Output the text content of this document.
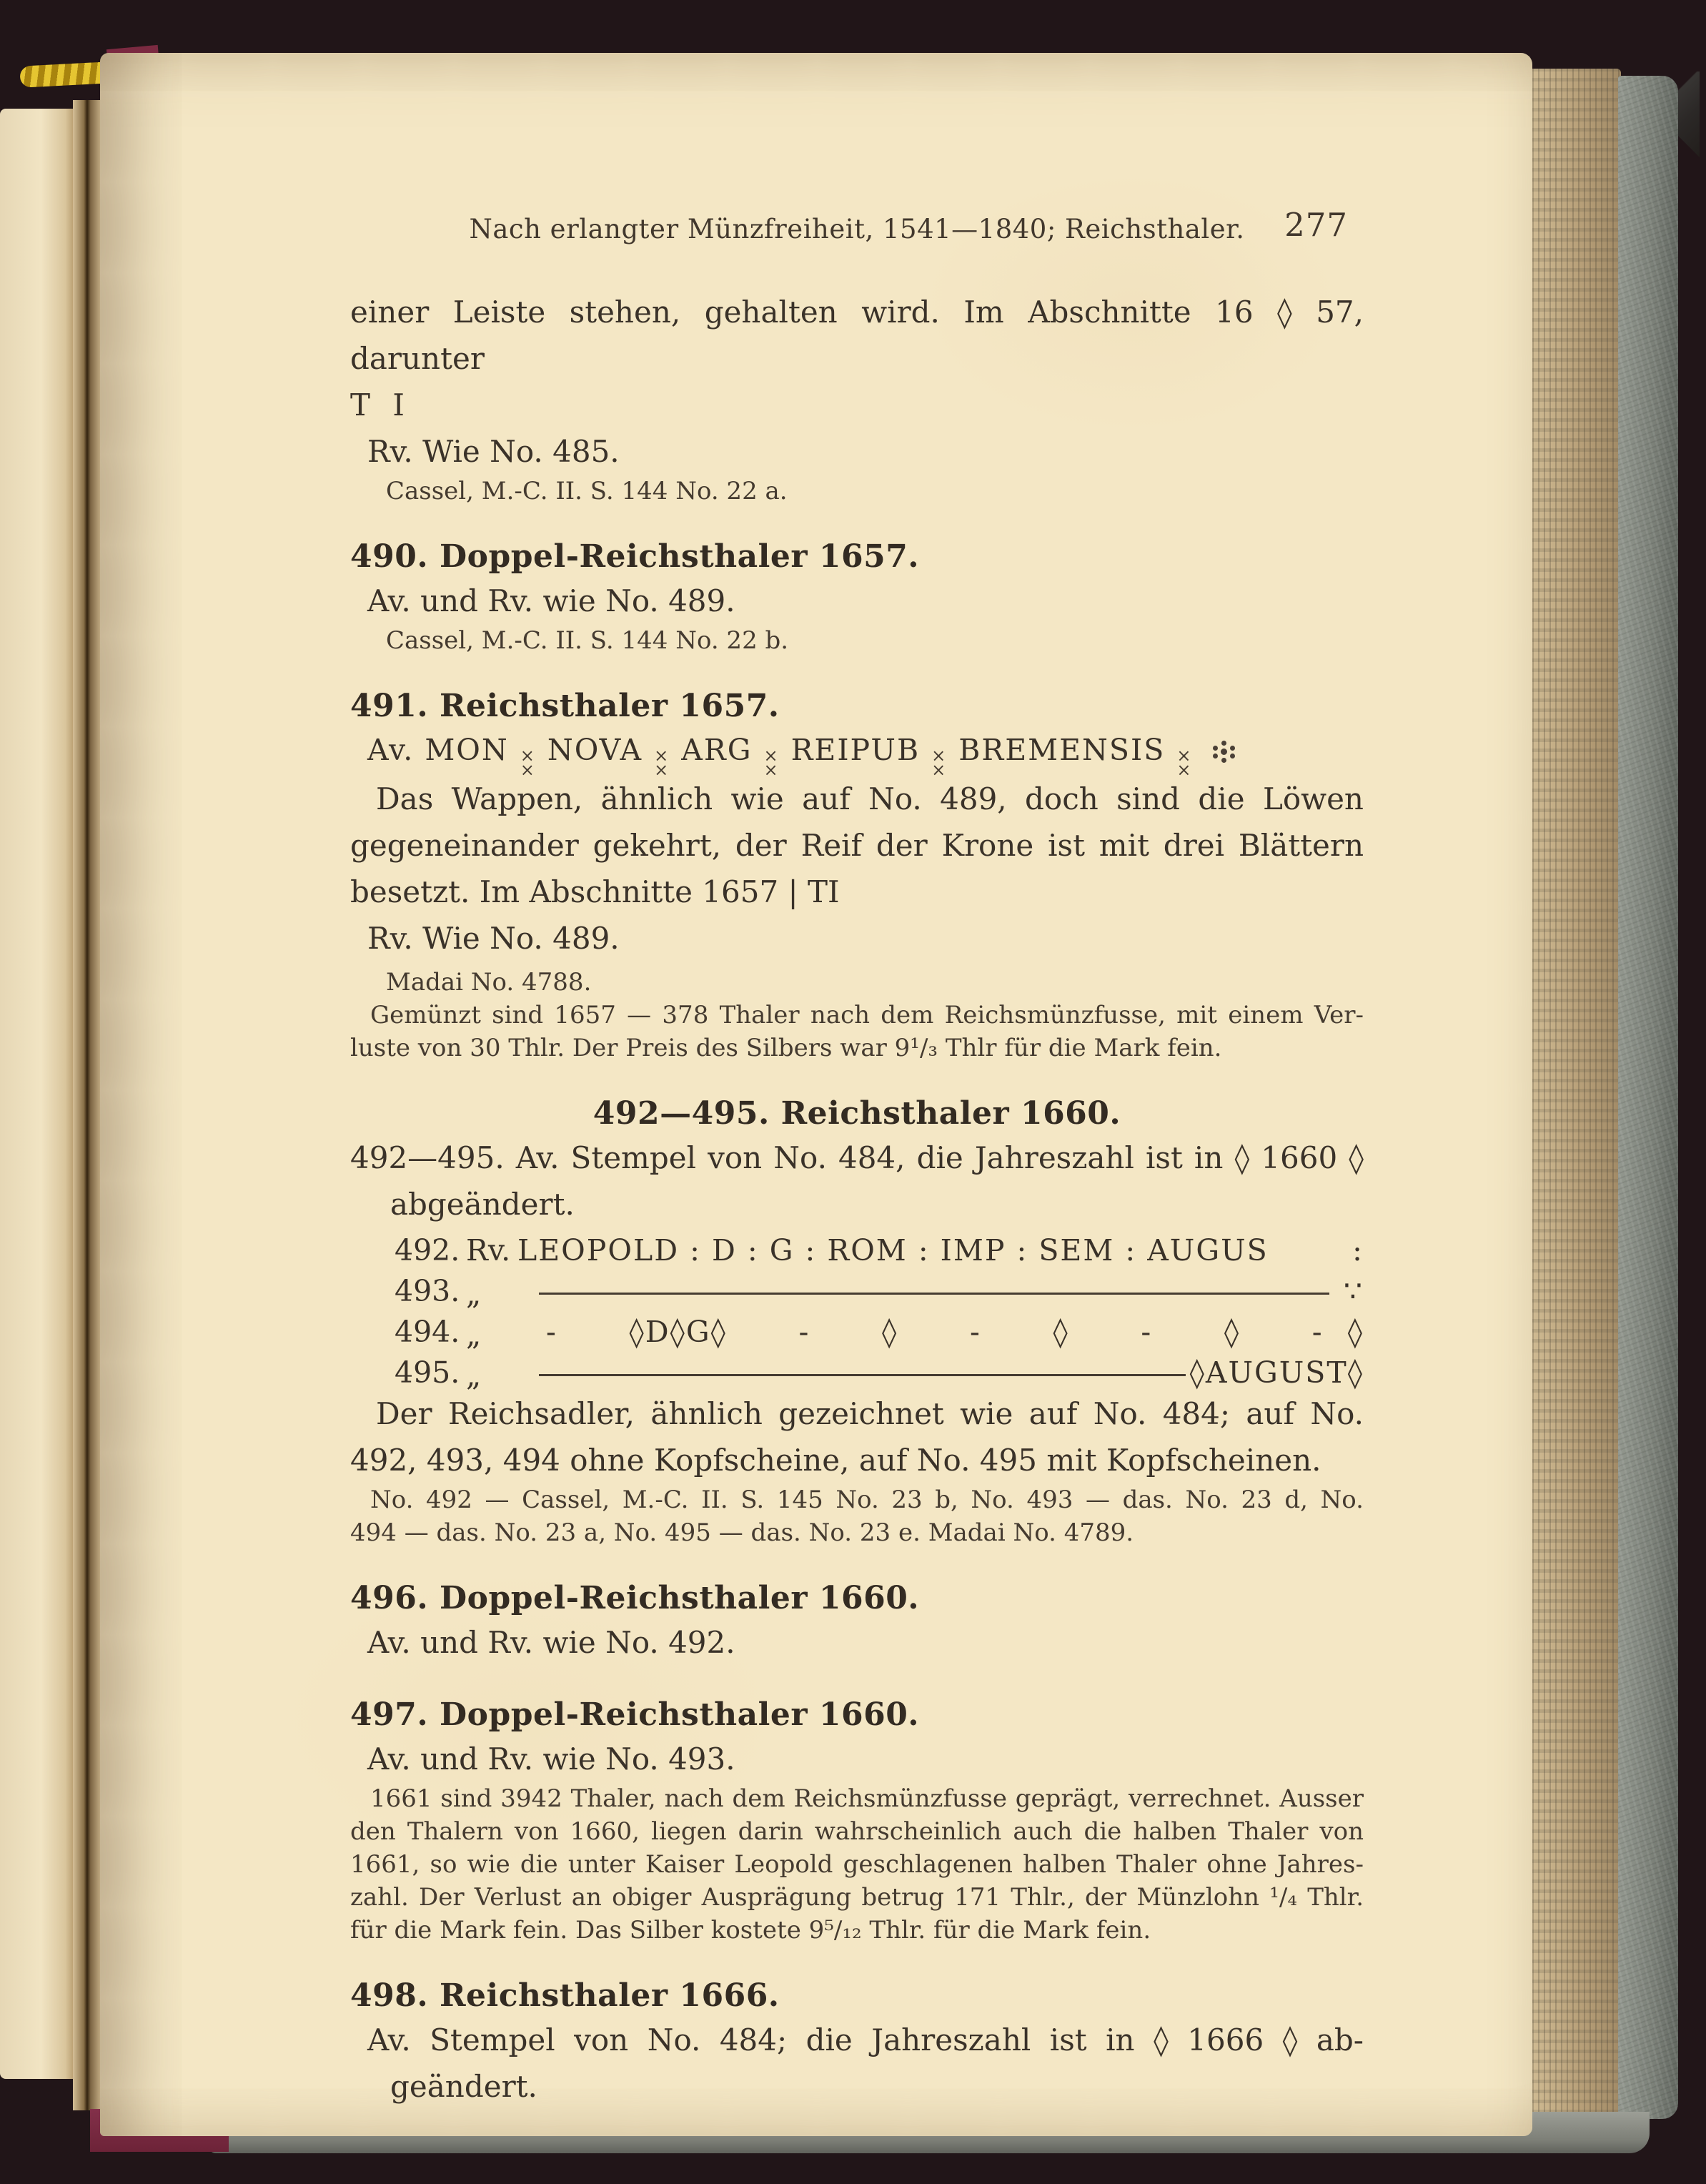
Nach erlangter Münzfreiheit, 1541—1840; Reichsthaler. 277
einer Leiste stehen, gehalten wird. Im Abschnitte 16 ◊ 57, darunter
T I
Rv. Wie No. 485.
Cassel, M.-C. II. S. 144 No. 22 a.
490. Doppel-Reichsthaler 1657.
Av. und Rv. wie No. 489.
Cassel, M.-C. II. S. 144 No. 22 b.
491. Reichsthaler 1657.
Av. MON ×
×
NOVA ×
×
ARG ×
×
REIPUB ×
×
BREMENSIS ×
×
Das Wappen, ähnlich wie auf No. 489, doch sind die Löwen
gegeneinander gekehrt, der Reif der Krone ist mit drei Blättern
besetzt. Im Abschnitte 1657 | TI
Rv. Wie No. 489.
Madai No. 4788.
Gemünzt sind 1657 — 378 Thaler nach dem Reichsmünzfusse, mit einem Ver-
luste von 30 Thlr. Der Preis des Silbers war 9¹/₃ Thlr für die Mark fein.
492—495. Reichsthaler 1660.
492—495. Av. Stempel von No. 484, die Jahreszahl ist in ◊ 1660 ◊
abgeändert.
492. Rv. LEOPOLD : D : G : ROM : IMP : SEM : AUGUS	:
493. „	∵
494. „	- ◊D◊G◊ - ◊ - ◊ - ◊ - ◊
495. „	◊AUGUST◊
Der Reichsadler, ähnlich gezeichnet wie auf No. 484; auf No.
492, 493, 494 ohne Kopfscheine, auf No. 495 mit Kopfscheinen.
No. 492 — Cassel, M.-C. II. S. 145 No. 23 b, No. 493 — das. No. 23 d, No.
494 — das. No. 23 a, No. 495 — das. No. 23 e. Madai No. 4789.
496. Doppel-Reichsthaler 1660.
Av. und Rv. wie No. 492.
497. Doppel-Reichsthaler 1660.
Av. und Rv. wie No. 493.
1661 sind 3942 Thaler, nach dem Reichsmünzfusse geprägt, verrechnet. Ausser
den Thalern von 1660, liegen darin wahrscheinlich auch die halben Thaler von
1661, so wie die unter Kaiser Leopold geschlagenen halben Thaler ohne Jahres-
zahl. Der Verlust an obiger Ausprägung betrug 171 Thlr., der Münzlohn ¹/₄ Thlr.
für die Mark fein. Das Silber kostete 9⁵/₁₂ Thlr. für die Mark fein.
498. Reichsthaler 1666.
Av. Stempel von No. 484; die Jahreszahl ist in ◊ 1666 ◊ ab-
geändert.
